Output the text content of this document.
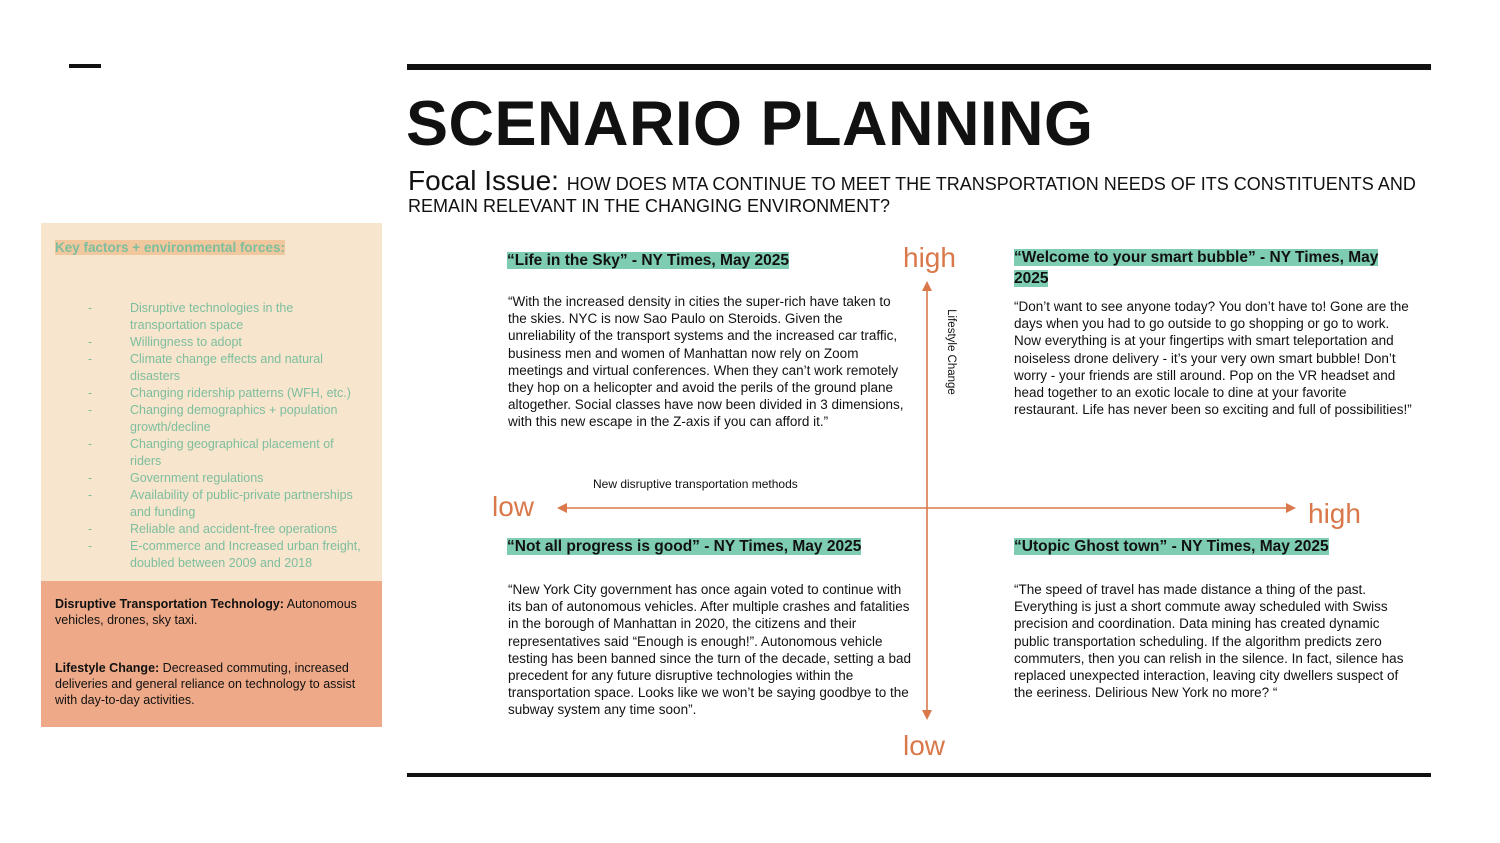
SCENARIO PLANNING
Focal Issue: HOW DOES MTA CONTINUE TO MEET THE TRANSPORTATION NEEDS OF ITS CONSTITUENTS AND REMAIN RELEVANT IN THE CHANGING ENVIRONMENT?
Key factors + environmental forces:
- Disruptive technologies in the transportation space
- Willingness to adopt
- Climate change effects and natural disasters
- Changing ridership patterns (WFH, etc.)
- Changing demographics + population growth/decline
- Changing geographical placement of riders
- Government regulations
- Availability of public-private partnerships and funding
- Reliable and accident-free operations
- E-commerce and Increased urban freight, doubled between 2009 and 2018

Disruptive Transportation Technology: Autonomous vehicles, drones, sky taxi.

Lifestyle Change: Decreased commuting, increased deliveries and general reliance on technology to assist with day-to-day activities.

high
low
low	high
Lifestyle Change
New disruptive transportation methods
“Life in the Sky” - NY Times, May 2025

“With the increased density in cities the super-rich have taken to the skies. NYC is now Sao Paulo on Steroids. Given the unreliability of the transport systems and the increased car traffic, business men and women of Manhattan now rely on Zoom meetings and virtual conferences. When they can’t work remotely they hop on a helicopter and avoid the perils of the ground plane altogether. Social classes have now been divided in 3 dimensions, with this new escape in the Z-axis if you can afford it.”

“Welcome to your smart bubble” - NY Times, May 2025

“Don’t want to see anyone today? You don’t have to! Gone are the days when you had to go outside to go shopping or go to work. Now everything is at your fingertips with smart teleportation and noiseless drone delivery - it’s your very own smart bubble! Don’t worry - your friends are still around. Pop on the VR headset and head together to an exotic locale to dine at your favorite restaurant. Life has never been so exciting and full of possibilities!”

“Not all progress is good” - NY Times, May 2025

“New York City government has once again voted to continue with its ban of autonomous vehicles. After multiple crashes and fatalities in the borough of Manhattan in 2020, the citizens and their representatives said “Enough is enough!”. Autonomous vehicle testing has been banned since the turn of the decade, setting a bad precedent for any future disruptive technologies within the transportation space. Looks like we won’t be saying goodbye to the subway system any time soon”.

“Utopic Ghost town” - NY Times, May 2025

“The speed of travel has made distance a thing of the past. Everything is just a short commute away scheduled with Swiss precision and coordination. Data mining has created dynamic public transportation scheduling. If the algorithm predicts zero commuters, then you can relish in the silence. In fact, silence has replaced unexpected interaction, leaving city dwellers suspect of the eeriness. Delirious New York no more? “
